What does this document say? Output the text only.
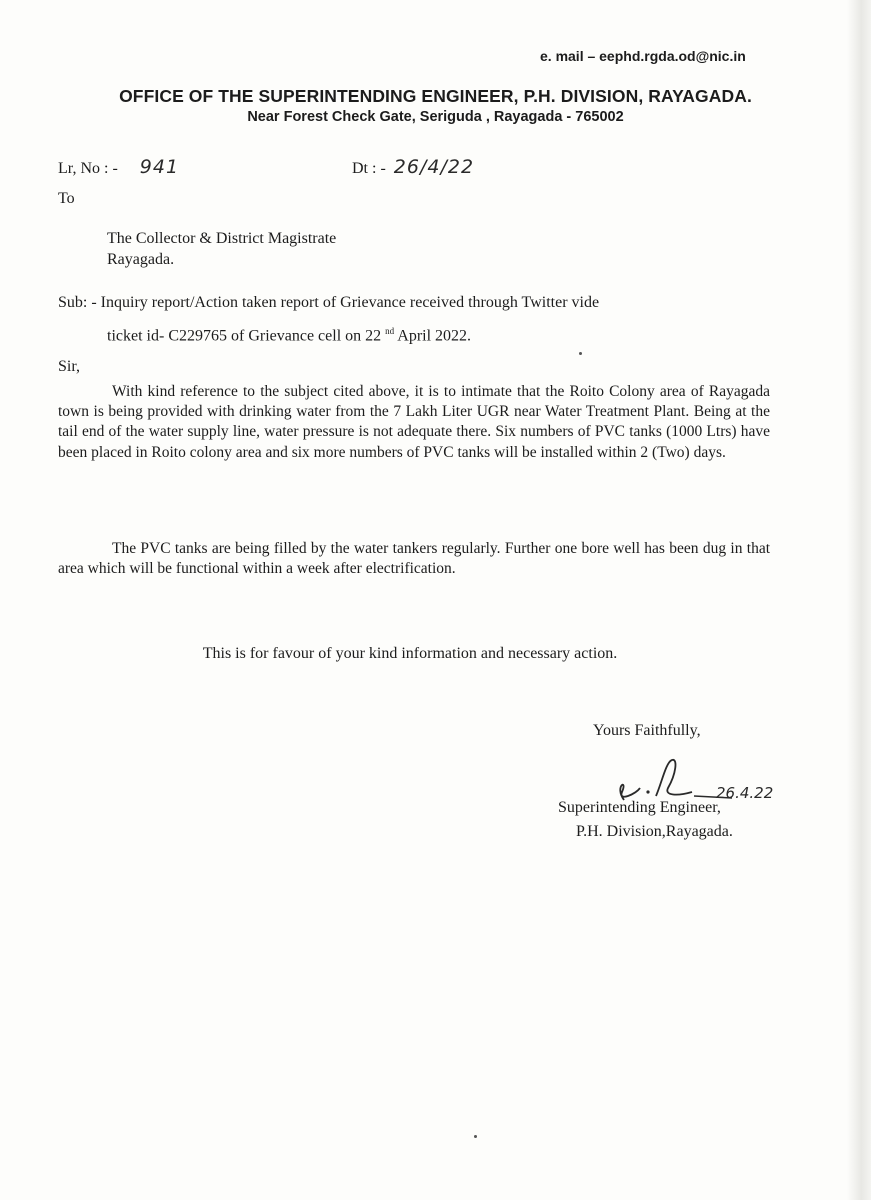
e. mail – eephd.rgda.od@nic.in
OFFICE OF THE SUPERINTENDING ENGINEER, P.H. DIVISION, RAYAGADA.
Near Forest Check Gate, Seriguda , Rayagada - 765002
Lr, No : - 941	Dt : - 26/4/22
To
The Collector & District Magistrate
Rayagada.
Sub: - Inquiry report/Action taken report of Grievance received through Twitter vide
ticket id- C229765 of Grievance cell on 22 $^{nd}$ April 2022.
Sir,
With kind reference to the subject cited above, it is to intimate that the Roito Colony area of Rayagada town is being provided with drinking water from the 7 Lakh Liter UGR near Water Treatment Plant. Being at the tail end of the water supply line, water pressure is not adequate there. Six numbers of PVC tanks (1000 Ltrs) have been placed in Roito colony area and six more numbers of PVC tanks will be installed within 2 (Two) days.
The PVC tanks are being filled by the water tankers regularly. Further one bore well has been dug in that area which will be functional within a week after electrification.
This is for favour of your kind information and necessary action.
Yours Faithfully,
26.4.22
Superintending Engineer,
P.H. Division,Rayagada.
